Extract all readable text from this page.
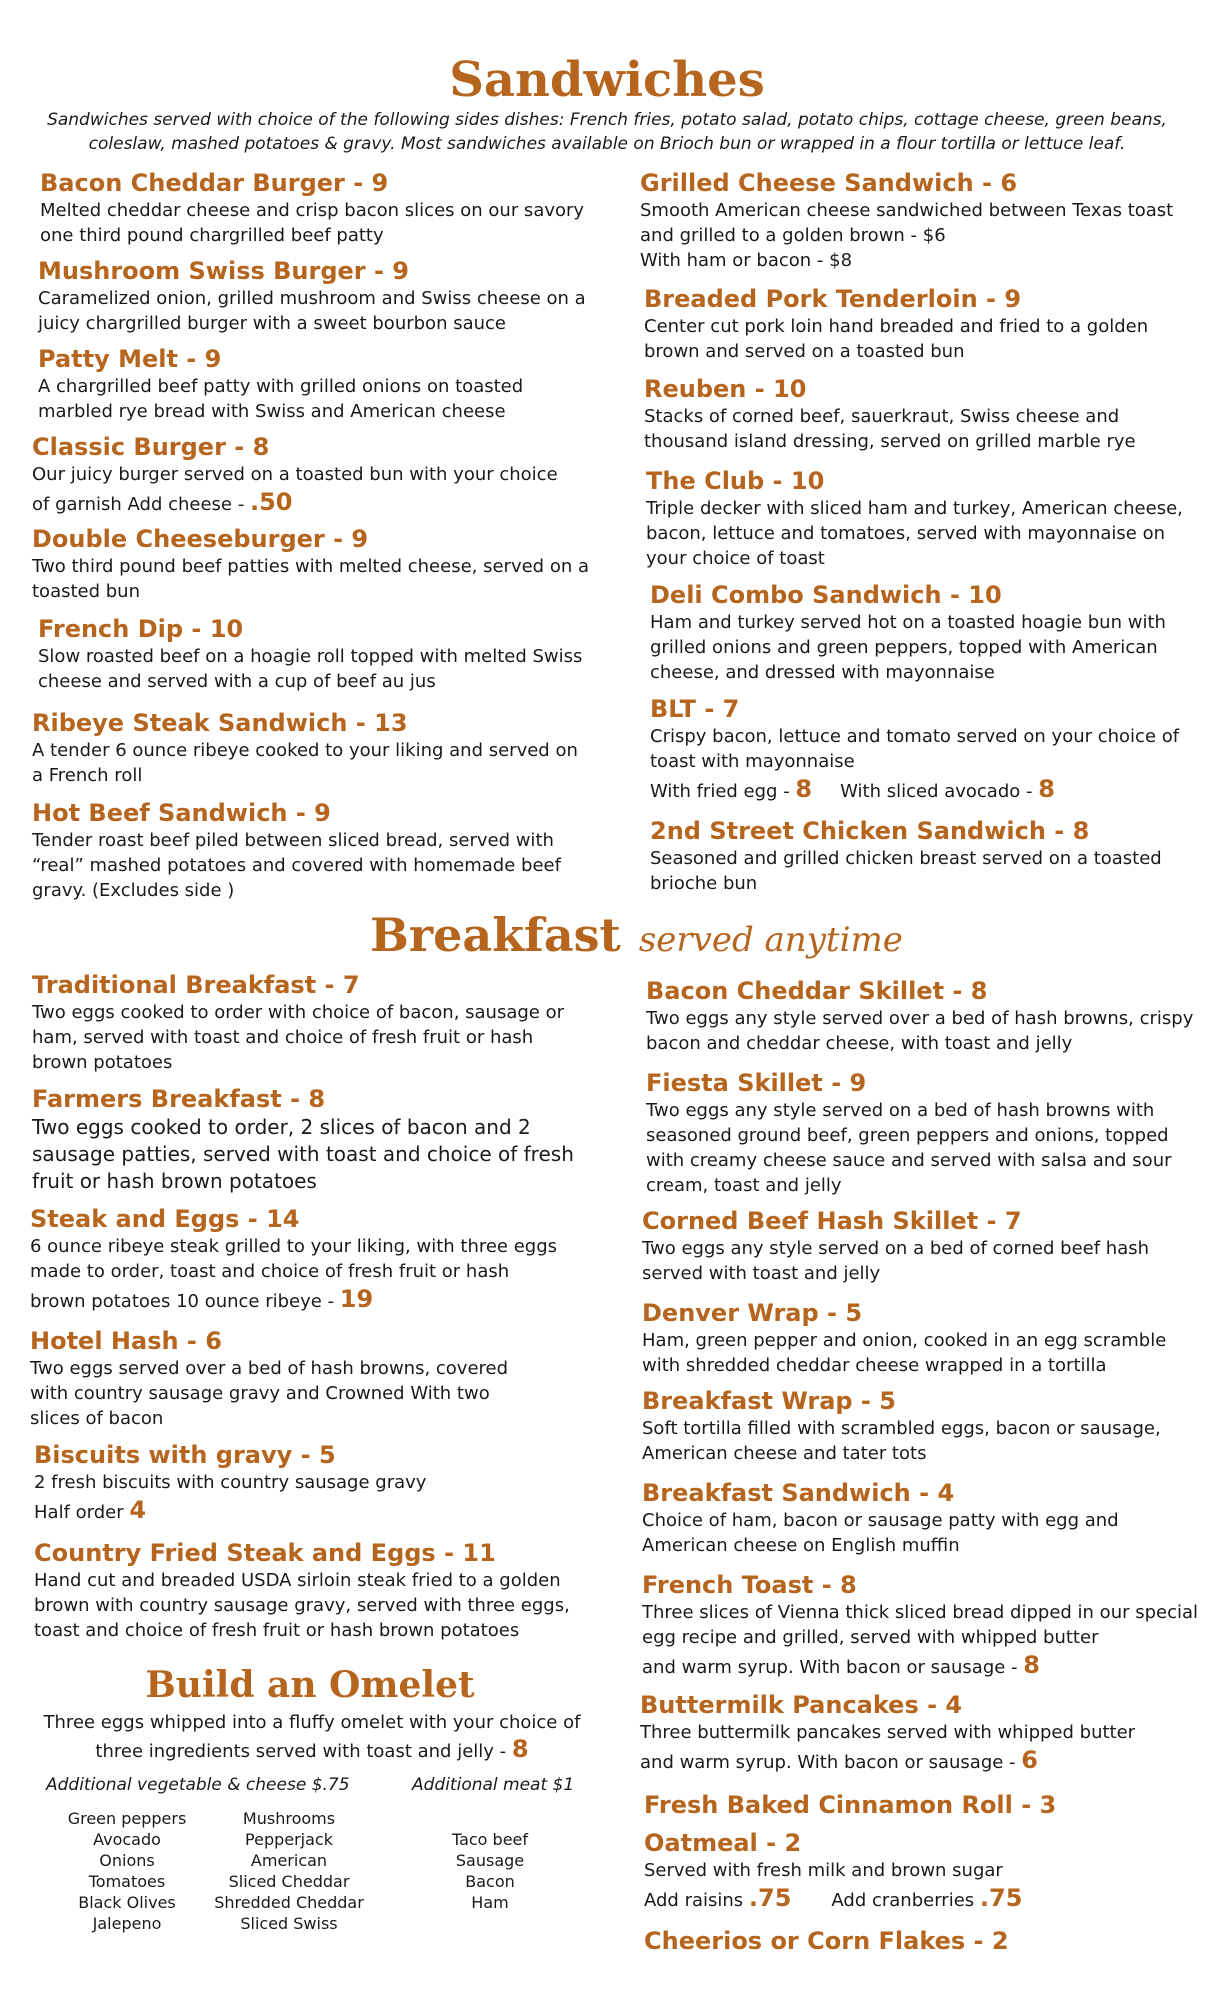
Sandwiches
Sandwiches served with choice of the following sides dishes: French fries, potato salad, potato chips, cottage cheese, green beans, coleslaw, mashed potatoes & gravy. Most sandwiches available on Brioch bun or wrapped in a flour tortilla or lettuce leaf.
Bacon Cheddar Burger - 9
Melted cheddar cheese and crisp bacon slices on our savory one third pound chargrilled beef patty
Mushroom Swiss Burger - 9
Caramelized onion, grilled mushroom and Swiss cheese on a juicy chargrilled burger with a sweet bourbon sauce
Patty Melt - 9
A chargrilled beef patty with grilled onions on toasted marbled rye bread with Swiss and American cheese
Classic Burger - 8
Our juicy burger served on a toasted bun with your choice
of garnish Add cheese - .50
Double Cheeseburger - 9
Two third pound beef patties with melted cheese, served on a toasted bun
French Dip - 10
Slow roasted beef on a hoagie roll topped with melted Swiss cheese and served with a cup of beef au jus
Ribeye Steak Sandwich - 13
A tender 6 ounce ribeye cooked to your liking and served on a French roll
Hot Beef Sandwich - 9
Tender roast beef piled between sliced bread, served with “real” mashed potatoes and covered with homemade beef gravy. (Excludes side )
Grilled Cheese Sandwich - 6
Smooth American cheese sandwiched between Texas toast and grilled to a golden brown - $6
With ham or bacon - $8
Breaded Pork Tenderloin - 9
Center cut pork loin hand breaded and fried to a golden brown and served on a toasted bun
Reuben - 10
Stacks of corned beef, sauerkraut, Swiss cheese and thousand island dressing, served on grilled marble rye
The Club - 10
Triple decker with sliced ham and turkey, American cheese, bacon, lettuce and tomatoes, served with mayonnaise on your choice of toast
Deli Combo Sandwich - 10
Ham and turkey served hot on a toasted hoagie bun with grilled onions and green peppers, topped with American cheese, and dressed with mayonnaise
BLT - 7
Crispy bacon, lettuce and tomato served on your choice of toast with mayonnaise
With fried egg - 8 With sliced avocado - 8
2nd Street Chicken Sandwich - 8
Seasoned and grilled chicken breast served on a toasted brioche bun
Breakfast served anytime
Traditional Breakfast - 7
Two eggs cooked to order with choice of bacon, sausage or ham, served with toast and choice of fresh fruit or hash brown potatoes
Farmers Breakfast - 8
Two eggs cooked to order, 2 slices of bacon and 2 sausage patties, served with toast and choice of fresh fruit or hash brown potatoes
Steak and Eggs - 14
6 ounce ribeye steak grilled to your liking, with three eggs made to order, toast and choice of fresh fruit or hash
brown potatoes 10 ounce ribeye - 19
Hotel Hash - 6
Two eggs served over a bed of hash browns, covered with country sausage gravy and Crowned With two slices of bacon
Biscuits with gravy - 5
2 fresh biscuits with country sausage gravy
Half order 4
Country Fried Steak and Eggs - 11
Hand cut and breaded USDA sirloin steak fried to a golden brown with country sausage gravy, served with three eggs, toast and choice of fresh fruit or hash brown potatoes
Build an Omelet
Three eggs whipped into a fluffy omelet with your choice of three ingredients served with toast and jelly - 8
Additional vegetable & cheese $.75	Additional meat $1
Green peppers
Avocado
Onions
Tomatoes
Black Olives
Jalepeno
Mushrooms
Pepperjack
American
Sliced Cheddar
Shredded Cheddar
Sliced Swiss
Taco beef
Sausage
Bacon
Ham
Bacon Cheddar Skillet - 8
Two eggs any style served over a bed of hash browns, crispy bacon and cheddar cheese, with toast and jelly
Fiesta Skillet - 9
Two eggs any style served on a bed of hash browns with seasoned ground beef, green peppers and onions, topped with creamy cheese sauce and served with salsa and sour cream, toast and jelly
Corned Beef Hash Skillet - 7
Two eggs any style served on a bed of corned beef hash served with toast and jelly
Denver Wrap - 5
Ham, green pepper and onion, cooked in an egg scramble with shredded cheddar cheese wrapped in a tortilla
Breakfast Wrap - 5
Soft tortilla filled with scrambled eggs, bacon or sausage, American cheese and tater tots
Breakfast Sandwich - 4
Choice of ham, bacon or sausage patty with egg and American cheese on English muffin
French Toast - 8
Three slices of Vienna thick sliced bread dipped in our special egg recipe and grilled, served with whipped butter
and warm syrup. With bacon or sausage - 8
Buttermilk Pancakes - 4
Three buttermilk pancakes served with whipped butter
and warm syrup. With bacon or sausage - 6
Fresh Baked Cinnamon Roll - 3
Oatmeal - 2
Served with fresh milk and brown sugar
Add raisins .75 Add cranberries .75
Cheerios or Corn Flakes - 2
